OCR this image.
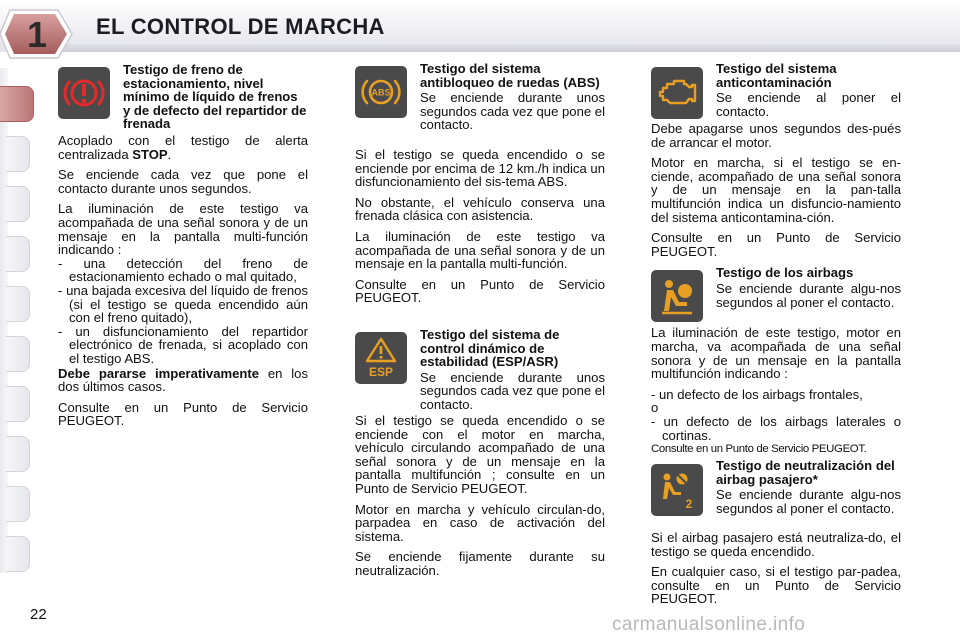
1 EL CONTROL DE MARCHA
Testigo de freno de estacionamiento, nivel mínimo de líquido de frenos y de defecto del repartidor de frenada

Acoplado con el testigo de alerta centralizada STOP.

Se enciende cada vez que pone el contacto durante unos segundos.

La iluminación de este testigo va acompañada de una señal sonora y de un mensaje en la pantalla multi-función indicando :

- una detección del freno de estacionamiento echado o mal quitado,
- una bajada excesiva del líquido de frenos (si el testigo se queda encendido aún con el freno quitado),
- un disfuncionamiento del repartidor electrónico de frenada, si acoplado con el testigo ABS.

Debe pararse imperativamente en los dos últimos casos.

Consulte en un Punto de Servicio PEUGEOT.

ABS
Testigo del sistema antibloqueo de ruedas (ABS)
Se enciende durante unos segundos cada vez que pone el contacto.

Si el testigo se queda encendido o se enciende por encima de 12 km./h indica un disfuncionamiento del sis-tema ABS.

No obstante, el vehículo conserva una frenada clásica con asistencia.

La iluminación de este testigo va acompañada de una señal sonora y de un mensaje en la pantalla multi-función.

Consulte en un Punto de Servicio PEUGEOT.

ESP
Testigo del sistema de control dinámico de estabilidad (ESP/ASR)
Se enciende durante unos segundos cada vez que pone el contacto.

Si el testigo se queda encendido o se enciende con el motor en marcha, vehículo circulando acompañado de una señal sonora y de un mensaje en la pantalla multifunción ; consulte en un Punto de Servicio PEUGEOT.

Motor en marcha y vehículo circulan-do, parpadea en caso de activación del sistema.

Se enciende fijamente durante su neutralización.

Testigo del sistema anticontaminación
Se enciende al poner el contacto.

Debe apagarse unos segundos des-pués de arrancar el motor.

Motor en marcha, si el testigo se en-ciende, acompañado de una señal sonora y de un mensaje en la pan-talla multifunción indica un disfuncio-namiento del sistema anticontamina-ción.

Consulte en un Punto de Servicio PEUGEOT.

Testigo de los airbags
Se enciende durante algu-nos segundos al poner el contacto.

La iluminación de este testigo, motor en marcha, va acompañada de una señal sonora y de un mensaje en la pantalla multifunción indicando :

- un defecto de los airbags frontales,
o
- un defecto de los airbags laterales o cortinas.
Consulte en un Punto de Servicio PEUGEOT.
2
Testigo de neutralización del airbag pasajero*
Se enciende durante algu-nos segundos al poner el contacto.

Si el airbag pasajero está neutraliza-do, el testigo se queda encendido.

En cualquier caso, si el testigo par-padea, consulte en un Punto de Servicio PEUGEOT.

22	carmanualsonline.info
